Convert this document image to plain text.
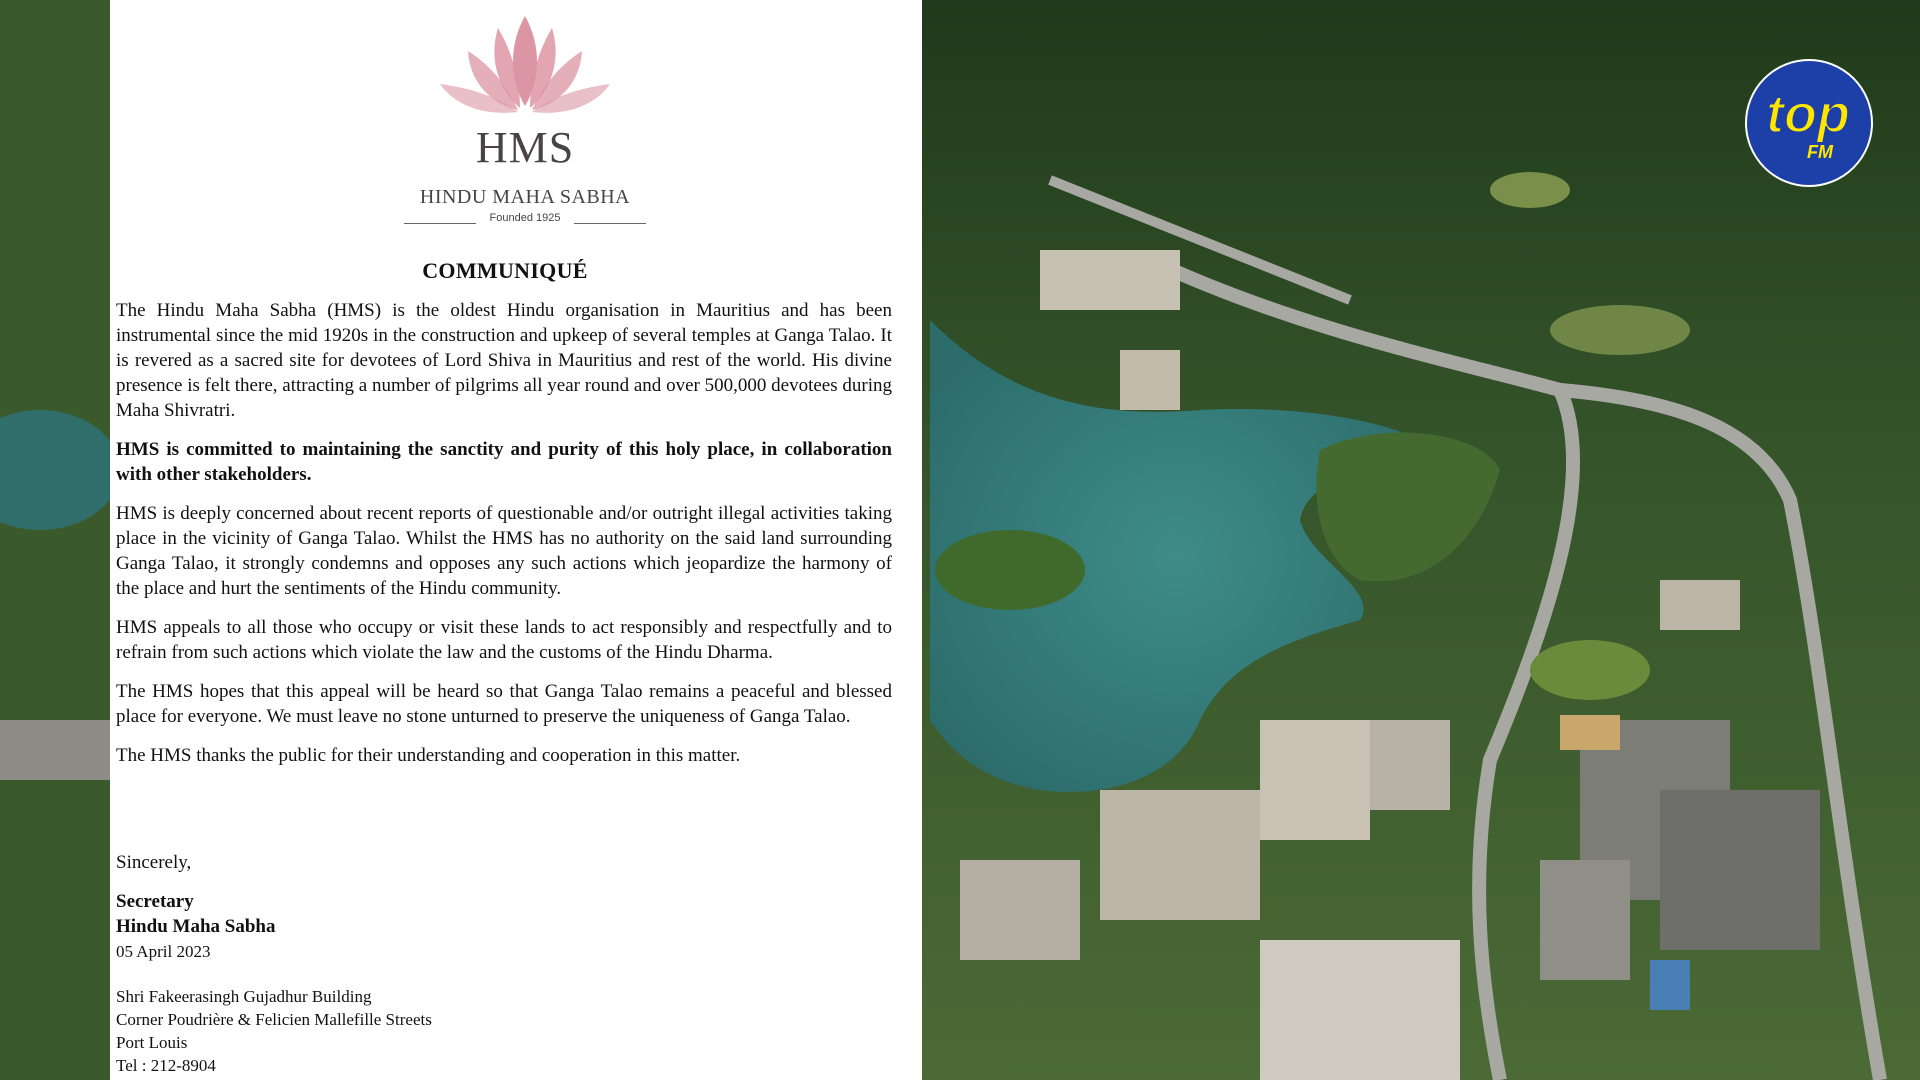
HMS
HINDU MAHA SABHA
Founded 1925
COMMUNIQUÉ

The Hindu Maha Sabha (HMS) is the oldest Hindu organisation in Mauritius and has been instrumental since the mid 1920s in the construction and upkeep of several temples at Ganga Talao. It is revered as a sacred site for devotees of Lord Shiva in Mauritius and rest of the world. His divine presence is felt there, attracting a number of pilgrims all year round and over 500,000 devotees during Maha Shivratri.

HMS is committed to maintaining the sanctity and purity of this holy place, in collaboration with other stakeholders.

HMS is deeply concerned about recent reports of questionable and/or outright illegal activities taking place in the vicinity of Ganga Talao. Whilst the HMS has no authority on the said land surrounding Ganga Talao, it strongly condemns and opposes any such actions which jeopardize the harmony of the place and hurt the sentiments of the Hindu community.

HMS appeals to all those who occupy or visit these lands to act responsibly and respectfully and to refrain from such actions which violate the law and the customs of the Hindu Dharma.

The HMS hopes that this appeal will be heard so that Ganga Talao remains a peaceful and blessed place for everyone. We must leave no stone unturned to preserve the uniqueness of Ganga Talao.

The HMS thanks the public for their understanding and cooperation in this matter.

Sincerely,
Secretary
Hindu Maha Sabha
05 April 2023
Shri Fakeerasingh Gujadhur Building
Corner Poudrière & Felicien Mallefille Streets
Port Louis
Tel : 212-8904
top
FM
